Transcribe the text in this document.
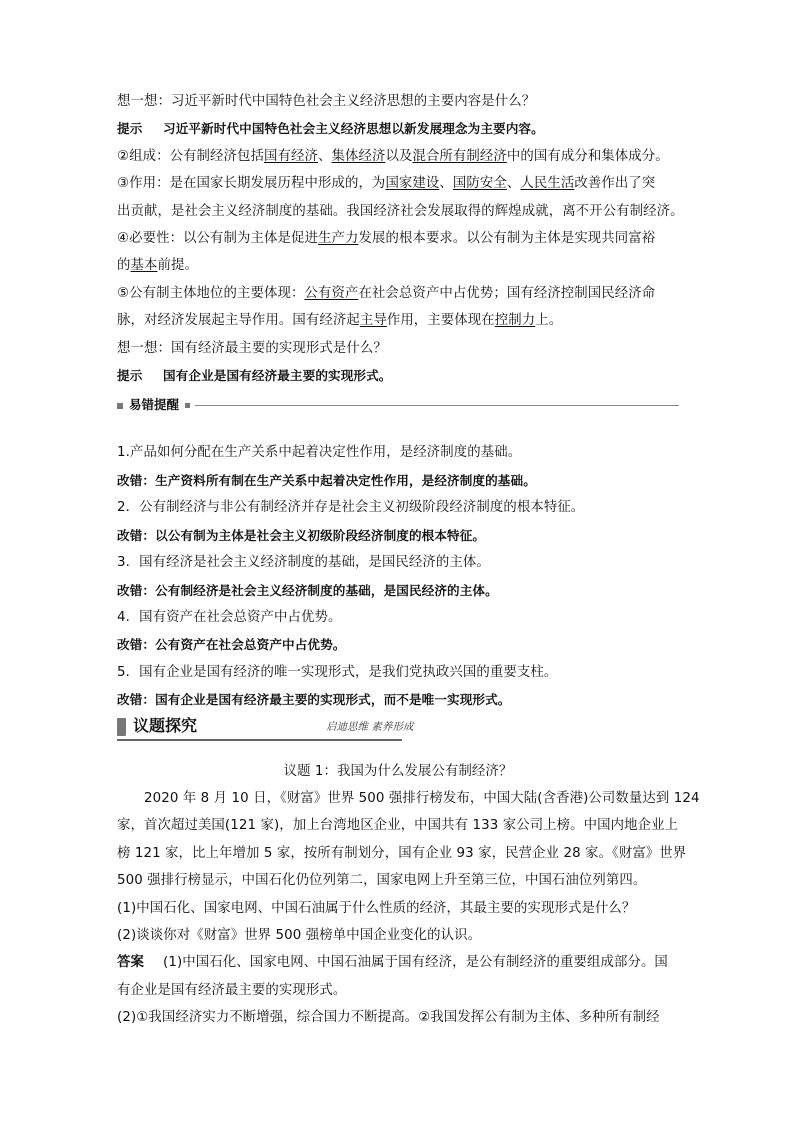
想一想：习近平新时代中国特色社会主义经济思想的主要内容是什么？
提示 习近平新时代中国特色社会主义经济思想以新发展理念为主要内容。
②组成：公有制经济包括国有经济、集体经济以及混合所有制经济中的国有成分和集体成分。
③作用：是在国家长期发展历程中形成的，为国家建设、国防安全、人民生活改善作出了突
出贡献，是社会主义经济制度的基础。我国经济社会发展取得的辉煌成就，离不开公有制经济。
④必要性：以公有制为主体是促进生产力发展的根本要求。以公有制为主体是实现共同富裕
的基本前提。
⑤公有制主体地位的主要体现：公有资产在社会总资产中占优势；国有经济控制国民经济命
脉，对经济发展起主导作用。国有经济起主导作用，主要体现在控制力上。
想一想：国有经济最主要的实现形式是什么？
提示 国有企业是国有经济最主要的实现形式。
易错提醒
1.产品如何分配在生产关系中起着决定性作用，是经济制度的基础。
改错：生产资料所有制在生产关系中起着决定性作用，是经济制度的基础。
2．公有制经济与非公有制经济并存是社会主义初级阶段经济制度的根本特征。
改错：以公有制为主体是社会主义初级阶段经济制度的根本特征。
3．国有经济是社会主义经济制度的基础，是国民经济的主体。
改错：公有制经济是社会主义经济制度的基础，是国民经济的主体。
4．国有资产在社会总资产中占优势。
改错：公有资产在社会总资产中占优势。
5．国有企业是国有经济的唯一实现形式，是我们党执政兴国的重要支柱。
改错：国有企业是国有经济最主要的实现形式，而不是唯一实现形式。
议题探究	启迪思维 素养形成
议题 1：我国为什么发展公有制经济？
2020 年 8 月 10 日，《财富》世界 500 强排行榜发布，中国大陆(含香港)公司数量达到 124
家，首次超过美国(121 家)，加上台湾地区企业，中国共有 133 家公司上榜。中国内地企业上
榜 121 家，比上年增加 5 家，按所有制划分，国有企业 93 家，民营企业 28 家。《财富》世界
500 强排行榜显示，中国石化仍位列第二，国家电网上升至第三位，中国石油位列第四。
(1)中国石化、国家电网、中国石油属于什么性质的经济，其最主要的实现形式是什么？
(2)谈谈你对《财富》世界 500 强榜单中国企业变化的认识。
答案 (1)中国石化、国家电网、中国石油属于国有经济，是公有制经济的重要组成部分。国
有企业是国有经济最主要的实现形式。
(2)①我国经济实力不断增强，综合国力不断提高。②我国发挥公有制为主体、多种所有制经
